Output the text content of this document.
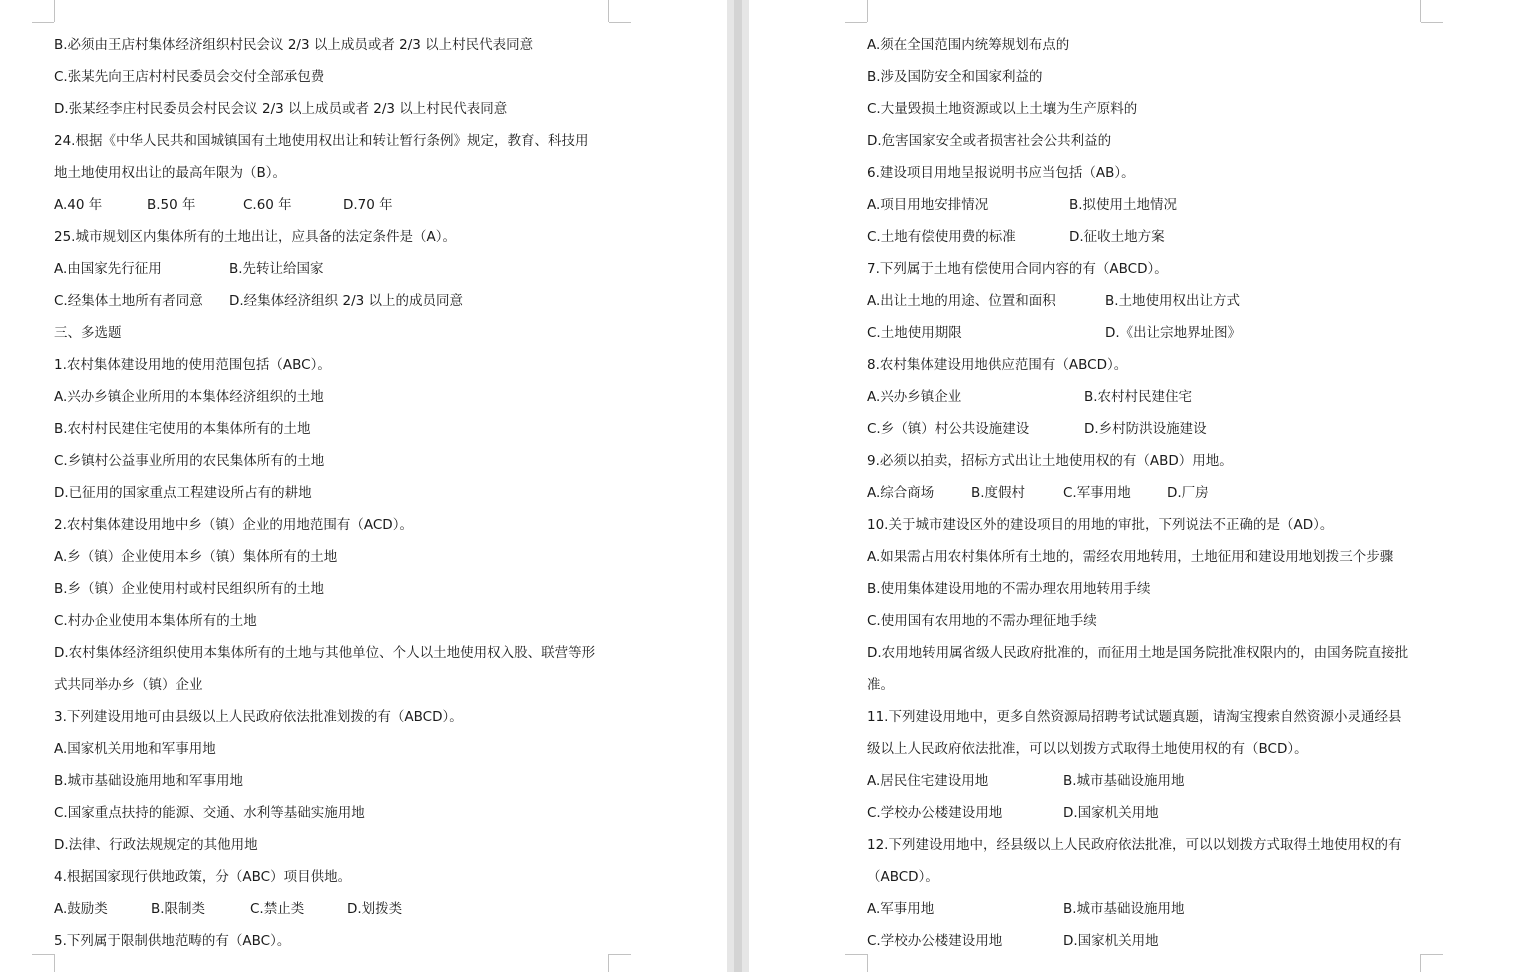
B.必须由王店村集体经济组织村民会议 2/3 以上成员或者 2/3 以上村民代表同意
C.张某先向王店村村民委员会交付全部承包费
D.张某经李庄村民委员会村民会议 2/3 以上成员或者 2/3 以上村民代表同意
24.根据《中华人民共和国城镇国有土地使用权出让和转让暂行条例》规定，教育、科技用
地土地使用权出让的最高年限为（B）。
A.40 年	B.50 年	C.60 年	D.70 年
25.城市规划区内集体所有的土地出让，应具备的法定条件是（A）。
A.由国家先行征用	B.先转让给国家
C.经集体土地所有者同意 D.经集体经济组织 2/3 以上的成员同意
三、多选题
1.农村集体建设用地的使用范围包括（ABC）。
A.兴办乡镇企业所用的本集体经济组织的土地
B.农村村民建住宅使用的本集体所有的土地
C.乡镇村公益事业所用的农民集体所有的土地
D.已征用的国家重点工程建设所占有的耕地
2.农村集体建设用地中乡（镇）企业的用地范围有（ACD）。
A.乡（镇）企业使用本乡（镇）集体所有的土地
B.乡（镇）企业使用村或村民组织所有的土地
C.村办企业使用本集体所有的土地
D.农村集体经济组织使用本集体所有的土地与其他单位、个人以土地使用权入股、联营等形
式共同举办乡（镇）企业
3.下列建设用地可由县级以上人民政府依法批准划拨的有（ABCD）。
A.国家机关用地和军事用地
B.城市基础设施用地和军事用地
C.国家重点扶持的能源、交通、水利等基础实施用地
D.法律、行政法规规定的其他用地
4.根据国家现行供地政策，分（ABC）项目供地。
A.鼓励类	B.限制类	C.禁止类	D.划拨类
5.下列属于限制供地范畴的有（ABC）。
A.须在全国范围内统筹规划布点的
B.涉及国防安全和国家利益的
C.大量毁损土地资源或以上土壤为生产原料的
D.危害国家安全或者损害社会公共利益的
6.建设项目用地呈报说明书应当包括（AB）。
A.项目用地安排情况	B.拟使用土地情况
C.土地有偿使用费的标准	D.征收土地方案
7.下列属于土地有偿使用合同内容的有（ABCD）。
A.出让土地的用途、位置和面积	B.土地使用权出让方式
C.土地使用期限	D.《出让宗地界址图》
8.农村集体建设用地供应范围有（ABCD）。
A.兴办乡镇企业	B.农村村民建住宅
C.乡（镇）村公共设施建设	D.乡村防洪设施建设
9.必须以拍卖，招标方式出让土地使用权的有（ABD）用地。
A.综合商场	B.度假村	C.军事用地	D.厂房
10.关于城市建设区外的建设项目的用地的审批，下列说法不正确的是（AD）。
A.如果需占用农村集体所有土地的，需经农用地转用，土地征用和建设用地划拨三个步骤
B.使用集体建设用地的不需办理农用地转用手续
C.使用国有农用地的不需办理征地手续
D.农用地转用属省级人民政府批准的，而征用土地是国务院批准权限内的，由国务院直接批
准。
11.下列建设用地中，更多自然资源局招聘考试试题真题，请淘宝搜索自然资源小灵通经县
级以上人民政府依法批准，可以以划拨方式取得土地使用权的有（BCD）。
A.居民住宅建设用地	B.城市基础设施用地
C.学校办公楼建设用地	D.国家机关用地
12.下列建设用地中，经县级以上人民政府依法批准，可以以划拨方式取得土地使用权的有
（ABCD）。
A.军事用地	B.城市基础设施用地
C.学校办公楼建设用地	D.国家机关用地
